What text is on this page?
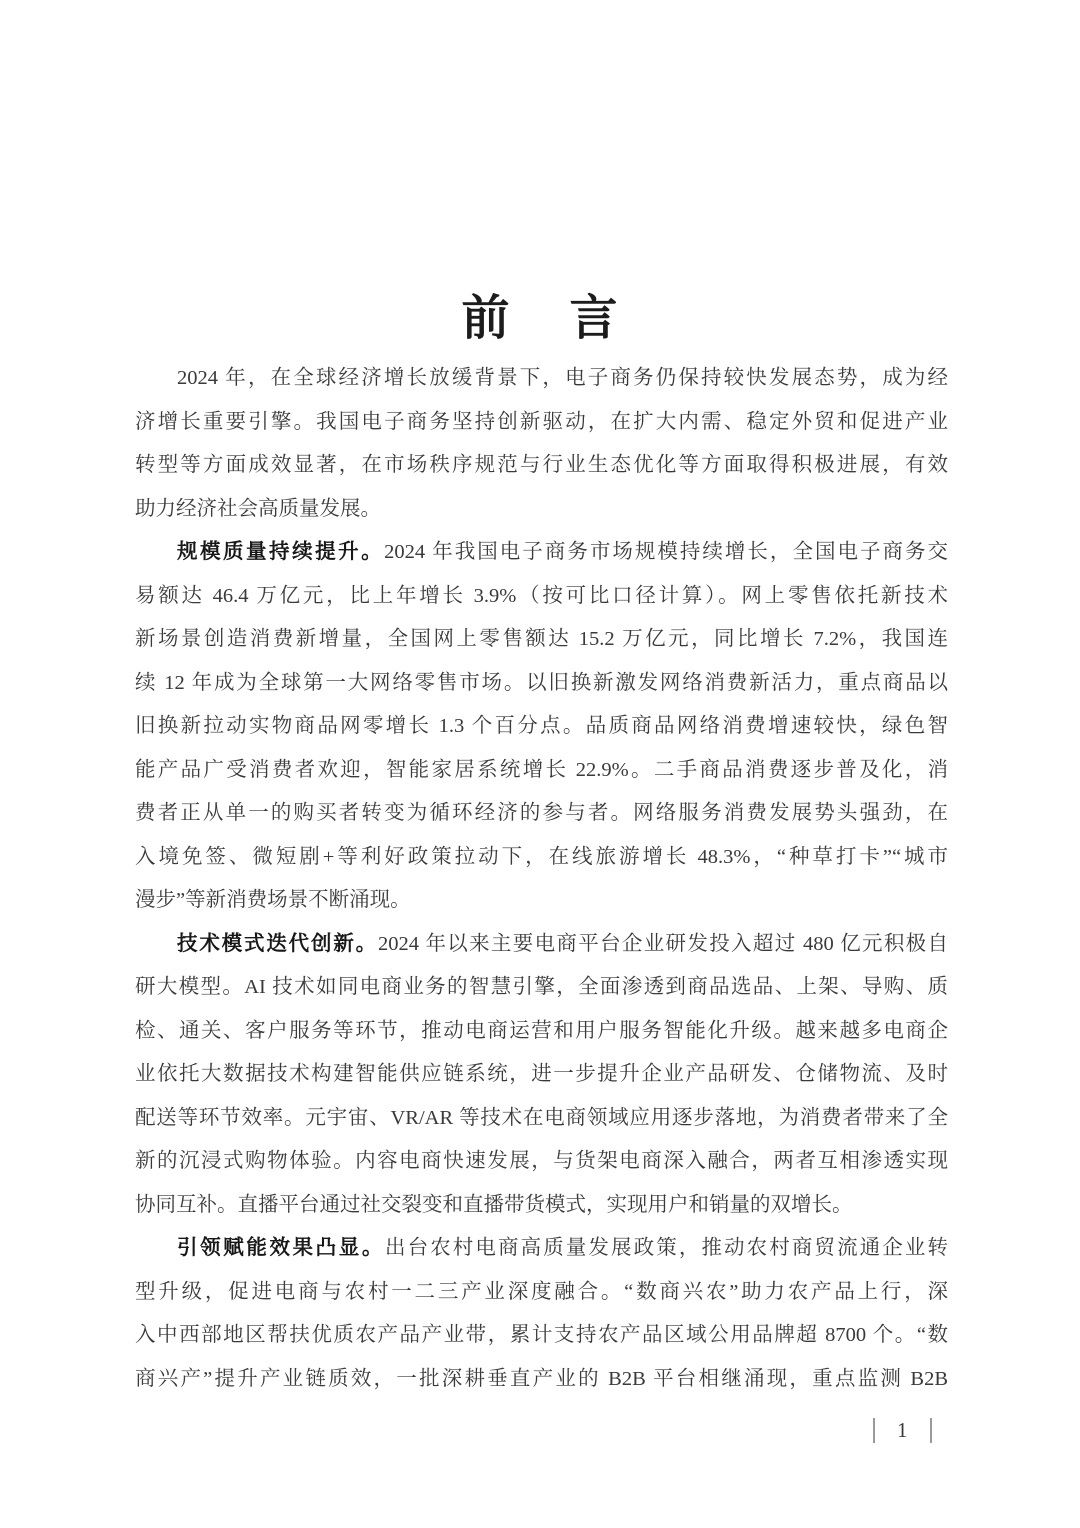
前 言
2024 年，在全球经济增长放缓背景下，电子商务仍保持较快发展态势，成为经
济增长重要引擎。我国电子商务坚持创新驱动，在扩大内需、稳定外贸和促进产业
转型等方面成效显著，在市场秩序规范与行业生态优化等方面取得积极进展，有效
助力经济社会高质量发展。
规模质量持续提升。2024 年我国电子商务市场规模持续增长，全国电子商务交
易额达 46.4 万亿元，比上年增长 3.9%（按可比口径计算）。网上零售依托新技术
新场景创造消费新增量，全国网上零售额达 15.2 万亿元，同比增长 7.2%，我国连
续 12 年成为全球第一大网络零售市场。以旧换新激发网络消费新活力，重点商品以
旧换新拉动实物商品网零增长 1.3 个百分点。品质商品网络消费增速较快，绿色智
能产品广受消费者欢迎，智能家居系统增长 22.9%。二手商品消费逐步普及化，消
费者正从单一的购买者转变为循环经济的参与者。网络服务消费发展势头强劲，在
入境免签、微短剧+等利好政策拉动下，在线旅游增长 48.3%，“种草打卡”“城市
漫步”等新消费场景不断涌现。
技术模式迭代创新。2024 年以来主要电商平台企业研发投入超过 480 亿元积极自
研大模型。AI 技术如同电商业务的智慧引擎，全面渗透到商品选品、上架、导购、质
检、通关、客户服务等环节，推动电商运营和用户服务智能化升级。越来越多电商企
业依托大数据技术构建智能供应链系统，进一步提升企业产品研发、仓储物流、及时
配送等环节效率。元宇宙、VR/AR 等技术在电商领域应用逐步落地，为消费者带来了全
新的沉浸式购物体验。内容电商快速发展，与货架电商深入融合，两者互相渗透实现
协同互补。直播平台通过社交裂变和直播带货模式，实现用户和销量的双增长。
引领赋能效果凸显。出台农村电商高质量发展政策，推动农村商贸流通企业转
型升级，促进电商与农村一二三产业深度融合。“数商兴农”助力农产品上行，深
入中西部地区帮扶优质农产品产业带，累计支持农产品区域公用品牌超 8700 个。“数
商兴产”提升产业链质效，一批深耕垂直产业的 B2B 平台相继涌现，重点监测 B2B
1
